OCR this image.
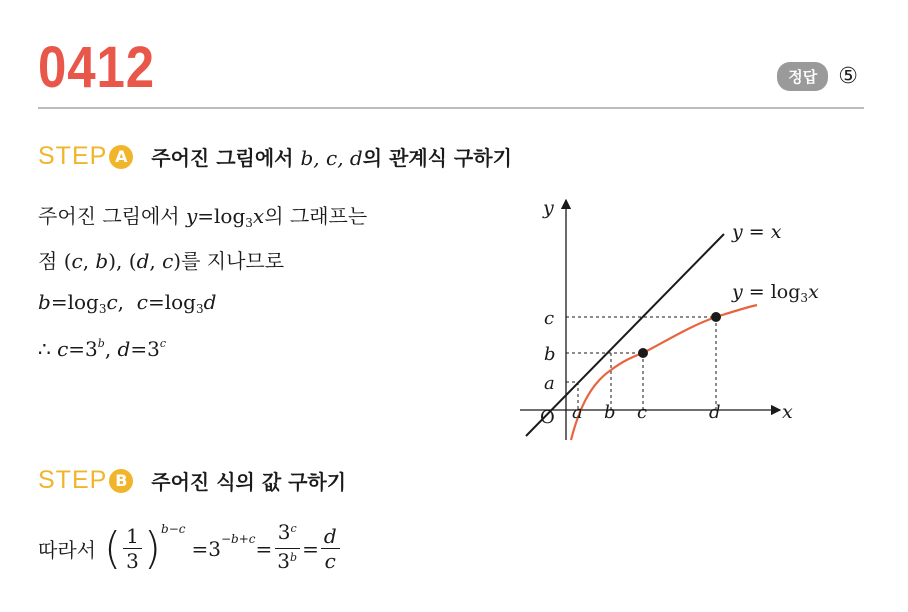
0412	정답 ⑤
STEP A 주어진 그림에서 b, c, d의 관계식 구하기
주어진 그림에서 $y=\log_3x$의 그래프는
점 (c, b), (d, c)를 지나므로
$b=\log_3c$,  $c=\log_3d$
∴ $c=3^b$, $d=3^c$
y
x
O
a
b
c
a b c	d
y = x
$y = \log_3x$
STEP B 주어진 식의 값 구하기
따라서 ( $\frac{1}{3}$ ) b−c
$=3 -b+c = \frac{3^c}{3^b} = \frac{d}{c}$
